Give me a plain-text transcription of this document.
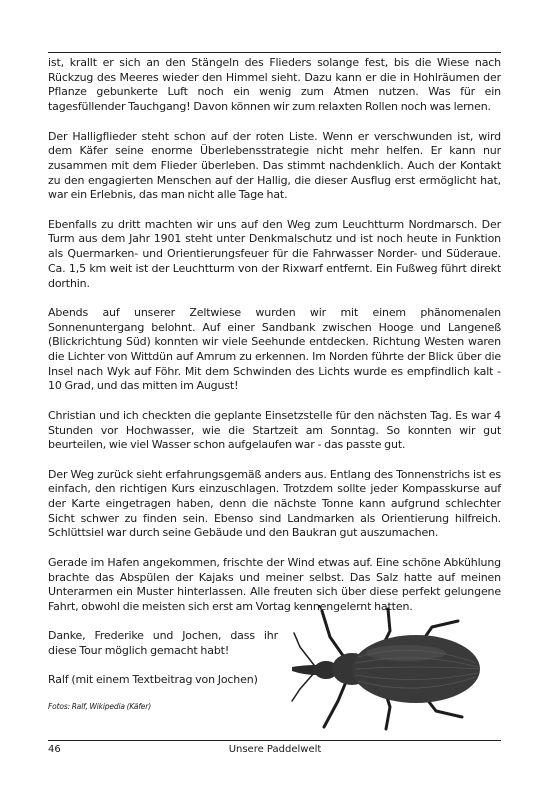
ist, krallt er sich an den Stängeln des Flieders solange fest, bis die Wiese nach Rückzug des Meeres wieder den Himmel sieht. Dazu kann er die in Hohlräumen der Pflanze gebunkerte Luft noch ein wenig zum Atmen nutzen. Was für ein tagesfüllender Tauchgang! Davon können wir zum relaxten Rollen noch was lernen.

Der Halligflieder steht schon auf der roten Liste. Wenn er verschwunden ist, wird dem Käfer seine enorme Überlebensstrategie nicht mehr helfen. Er kann nur zusammen mit dem Flieder überleben. Das stimmt nachdenklich. Auch der Kontakt zu den engagierten Menschen auf der Hallig, die dieser Ausflug erst ermöglicht hat, war ein Erlebnis, das man nicht alle Tage hat.

Ebenfalls zu dritt machten wir uns auf den Weg zum Leuchtturm Nordmarsch. Der Turm aus dem Jahr 1901 steht unter Denkmalschutz und ist noch heute in Funktion als Quermarken- und Orientierungsfeuer für die Fahrwasser Norder- und Süderaue. Ca. 1,5 km weit ist der Leuchtturm von der Rixwarf entfernt. Ein Fußweg führt direkt dorthin.

Abends auf unserer Zeltwiese wurden wir mit einem phänomenalen Sonnenuntergang belohnt. Auf einer Sandbank zwischen Hooge und Langeneß (Blickrichtung Süd) konnten wir viele Seehunde entdecken. Richtung Westen waren die Lichter von Wittdün auf Amrum zu erkennen. Im Norden führte der Blick über die Insel nach Wyk auf Föhr. Mit dem Schwinden des Lichts wurde es empfindlich kalt - 10 Grad, und das mitten im August!

Christian und ich checkten die geplante Einsetzstelle für den nächsten Tag. Es war 4 Stunden vor Hochwasser, wie die Startzeit am Sonntag. So konnten wir gut beurteilen, wie viel Wasser schon aufgelaufen war - das passte gut.

Der Weg zurück sieht erfahrungsgemäß anders aus. Entlang des Tonnenstrichs ist es einfach, den richtigen Kurs einzuschlagen. Trotzdem sollte jeder Kompasskurse auf der Karte eingetragen haben, denn die nächste Tonne kann aufgrund schlechter Sicht schwer zu finden sein. Ebenso sind Landmarken als Orientierung hilfreich. Schlüttsiel war durch seine Gebäude und den Baukran gut auszumachen.

Gerade im Hafen angekommen, frischte der Wind etwas auf. Eine schöne Abkühlung brachte das Abspülen der Kajaks und meiner selbst. Das Salz hatte auf meinen Unterarmen ein Muster hinterlassen. Alle freuten sich über diese perfekt gelungene Fahrt, obwohl die meisten sich erst am Vortag kennengelernt hatten.

Danke, Frederike und Jochen, dass ihr diese Tour möglich gemacht habt!

Ralf (mit einem Textbeitrag von Jochen)

Fotos: Ralf, Wikipedia (Käfer)

46	Unsere Paddelwelt
